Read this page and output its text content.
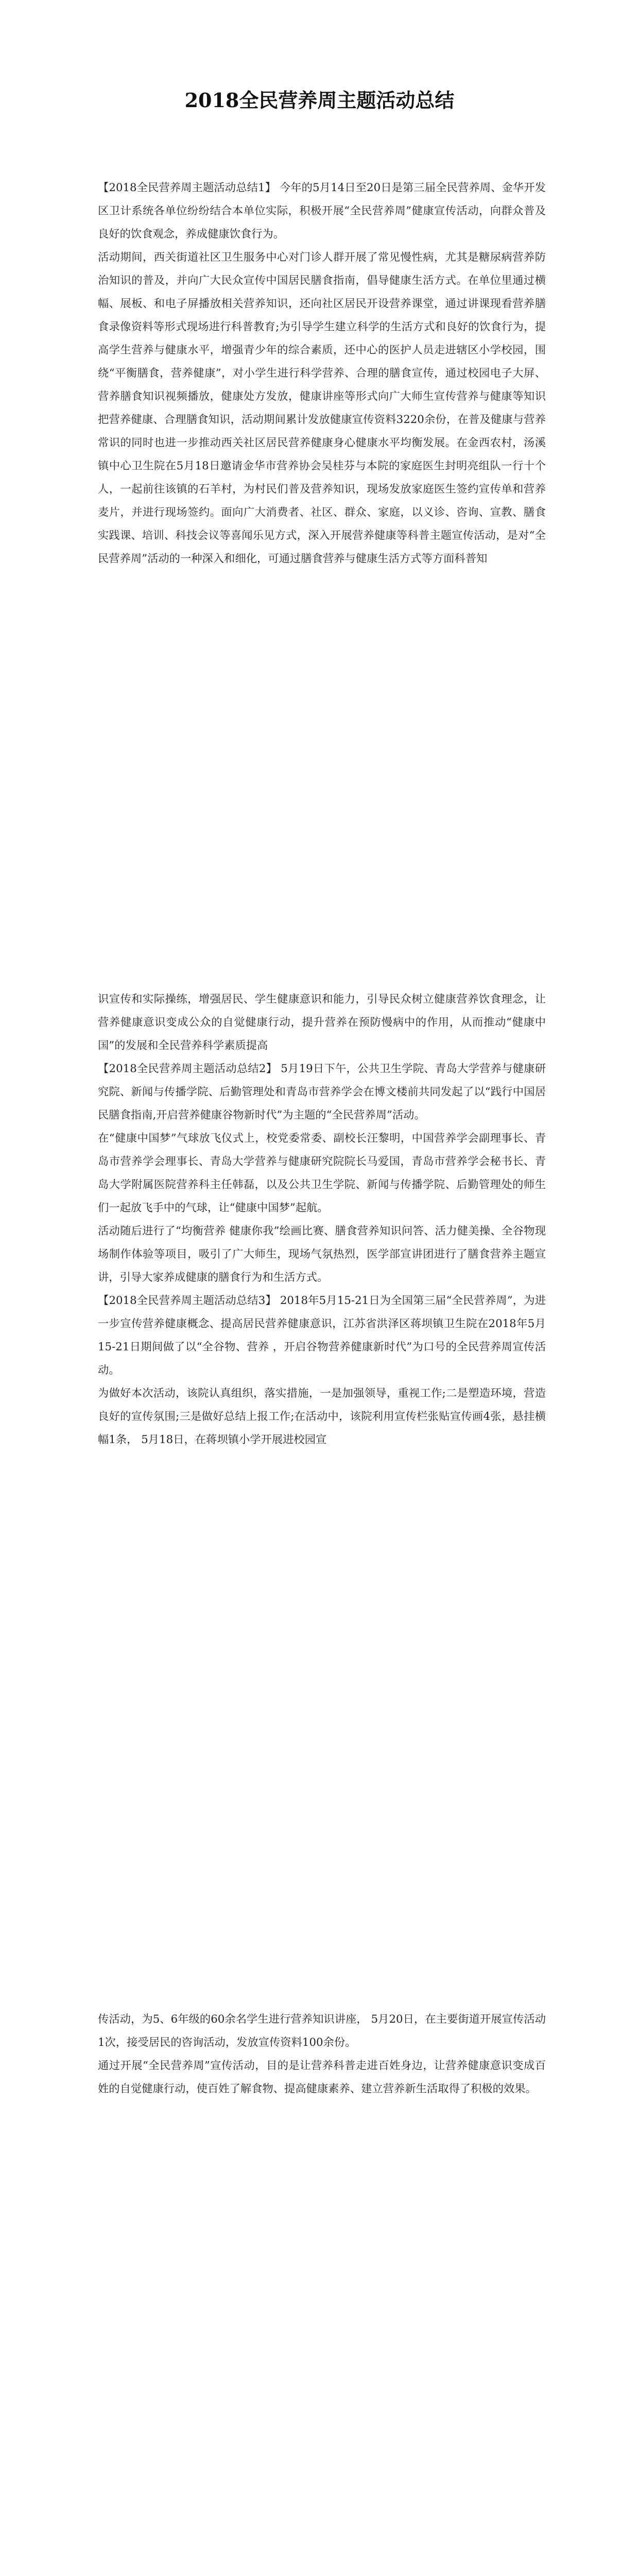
2018全民营养周主题活动总结

【2018全民营养周主题活动总结1】 今年的5月14日至20日是第三届全民营养周、金华开发区卫计系统各单位纷纷结合本单位实际，积极开展“全民营养周”健康宣传活动，向群众普及良好的饮食观念，养成健康饮食行为。

活动期间，西关街道社区卫生服务中心对门诊人群开展了常见慢性病，尤其是糖尿病营养防治知识的普及，并向广大民众宣传中国居民膳食指南，倡导健康生活方式。在单位里通过横幅、展板、和电子屏播放相关营养知识，还向社区居民开设营养课堂，通过讲课现看营养膳食录像资料等形式现场进行科普教育;为引导学生建立科学的生活方式和良好的饮食行为，提高学生营养与健康水平，增强青少年的综合素质，还中心的医护人员走进辖区小学校园，围绕“平衡膳食，营养健康”，对小学生进行科学营养、合理的膳食宣传，通过校园电子大屏、营养膳食知识视频播放，健康处方发放，健康讲座等形式向广大师生宣传营养与健康等知识把营养健康、合理膳食知识，活动期间累计发放健康宣传资料3220余份，在普及健康与营养常识的同时也进一步推动西关社区居民营养健康身心健康水平均衡发展。在金西农村，汤溪镇中心卫生院在5月18日邀请金华市营养协会吴桂芬与本院的家庭医生封明亮组队一行十个人，一起前往该镇的石羊村，为村民们普及营养知识，现场发放家庭医生签约宣传单和营养麦片，并进行现场签约。面向广大消费者、社区、群众、家庭，以义诊、咨询、宣教、膳食实践课、培训、科技会议等喜闻乐见方式，深入开展营养健康等科普主题宣传活动，是对“全民营养周”活动的一种深入和细化，可通过膳食营养与健康生活方式等方面科普知

识宣传和实际操练，增强居民、学生健康意识和能力，引导民众树立健康营养饮食理念，让营养健康意识变成公众的自觉健康行动，提升营养在预防慢病中的作用，从而推动“健康中国”的发展和全民营养科学素质提高

【2018全民营养周主题活动总结2】 5月19日下午，公共卫生学院、青岛大学营养与健康研究院、新闻与传播学院、后勤管理处和青岛市营养学会在博文楼前共同发起了以“践行中国居民膳食指南,开启营养健康谷物新时代”为主题的“全民营养周”活动。

在“健康中国梦”气球放飞仪式上，校党委常委、副校长汪黎明，中国营养学会副理事长、青岛市营养学会理事长、青岛大学营养与健康研究院院长马爱国，青岛市营养学会秘书长、青岛大学附属医院营养科主任韩磊，以及公共卫生学院、新闻与传播学院、后勤管理处的师生们一起放飞手中的气球，让“健康中国梦”起航。

活动随后进行了“均衡营养 健康你我”绘画比赛、膳食营养知识问答、活力健美操、全谷物现场制作体验等项目，吸引了广大师生，现场气氛热烈，医学部宣讲团进行了膳食营养主题宣讲，引导大家养成健康的膳食行为和生活方式。

【2018全民营养周主题活动总结3】 2018年5月15-21日为全国第三届“全民营养周”，为进一步宣传营养健康概念、提高居民营养健康意识，江苏省洪泽区蒋坝镇卫生院在2018年5月15-21日期间做了以“全谷物、营养 ，开启谷物营养健康新时代”为口号的全民营养周宣传活动。

为做好本次活动，该院认真组织，落实措施，一是加强领导，重视工作;二是塑造环境，营造良好的宣传氛围;三是做好总结上报工作;在活动中，该院利用宣传栏张贴宣传画4张，悬挂横幅1条， 5月18日，在蒋坝镇小学开展进校园宣

传活动，为5、6年级的60余名学生进行营养知识讲座， 5月20日，在主要街道开展宣传活动1次，接受居民的咨询活动，发放宣传资料100余份。

通过开展“全民营养周”宣传活动，目的是让营养科普走进百姓身边，让营养健康意识变成百姓的自觉健康行动，使百姓了解食物、提高健康素养、建立营养新生活取得了积极的效果。
